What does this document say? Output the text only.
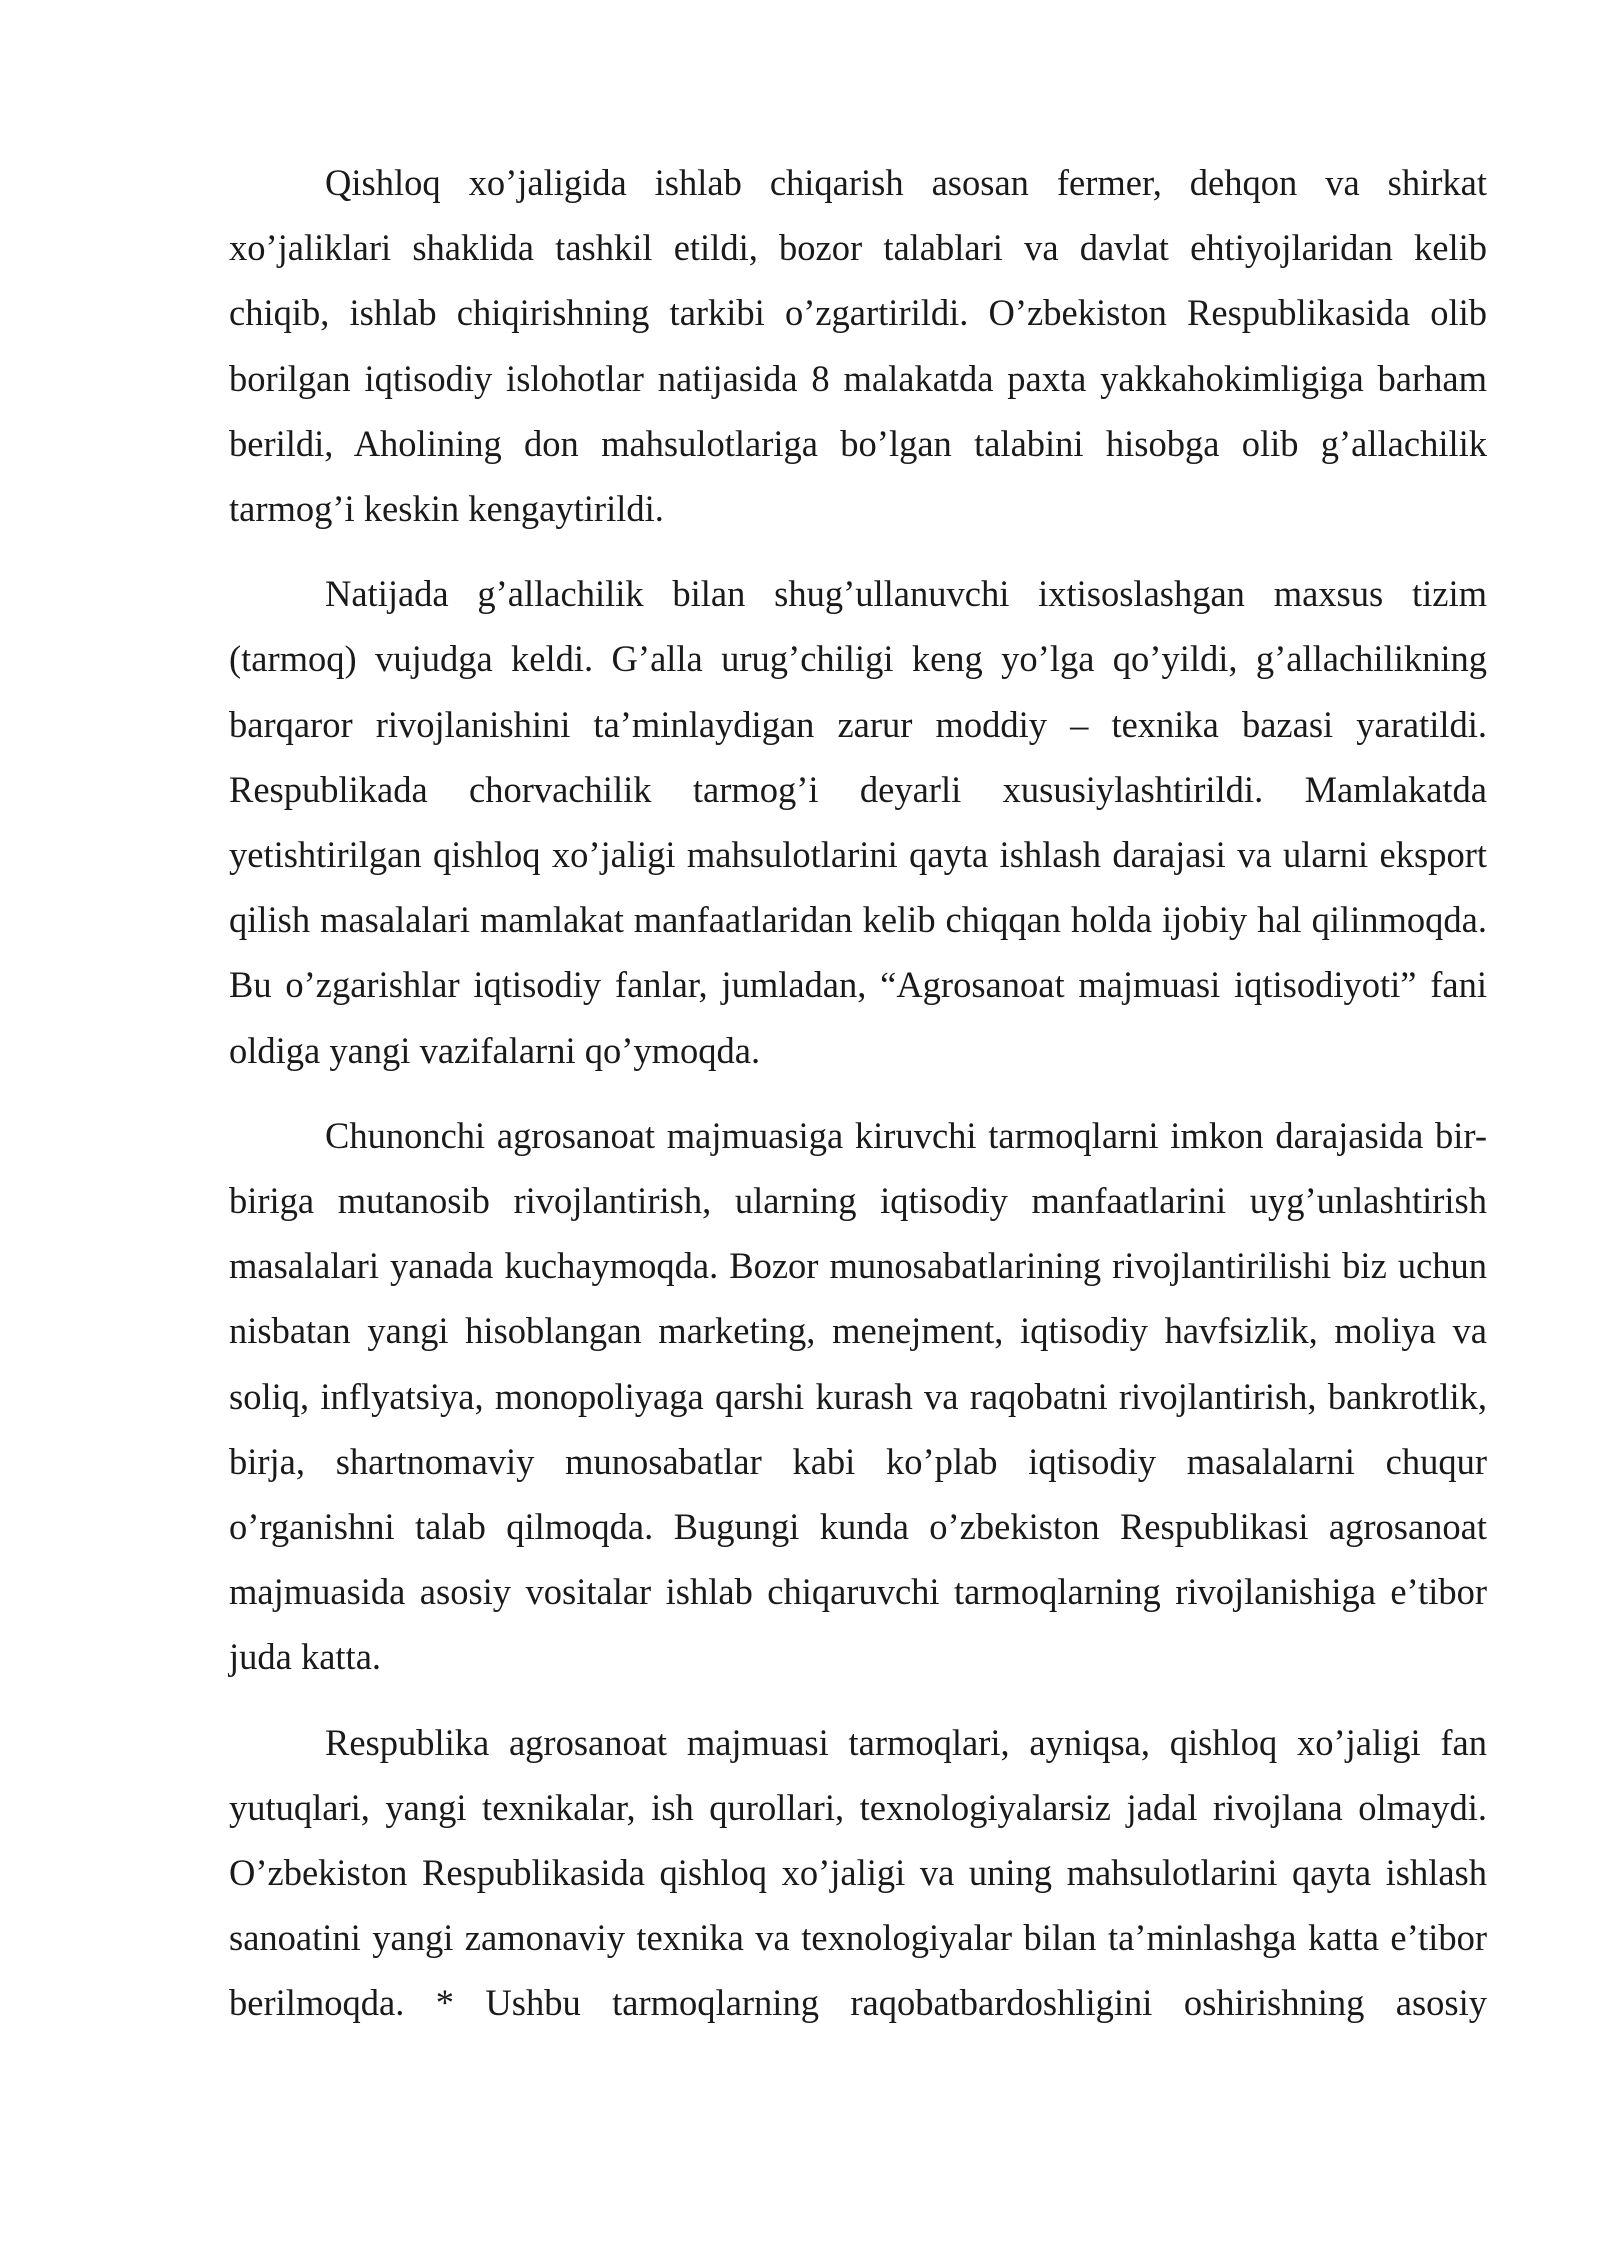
Qishloq xo’jaligida ishlab chiqarish asosan fermer, dehqon va shirkat xo’jaliklari shaklida tashkil etildi, bozor talablari va davlat ehtiyojlaridan kelib chiqib, ishlab chiqirishning tarkibi o’zgartirildi. O’zbekiston Respublikasida olib borilgan iqtisodiy islohotlar natijasida 8 malakatda paxta yakkahokimligiga barham berildi, Aholining don mahsulotlariga bo’lgan talabini hisobga olib g’allachilik tarmog’i keskin kengaytirildi.

Natijada g’allachilik bilan shug’ullanuvchi ixtisoslashgan maxsus tizim (tarmoq) vujudga keldi. G’alla urug’chiligi keng yo’lga qo’yildi, g’allachilikning barqaror rivojlanishini ta’minlaydigan zarur moddiy – texnika bazasi yaratildi. Respublikada chorvachilik tarmog’i deyarli xususiylashtirildi. Mamlakatda yetishtirilgan qishloq xo’jaligi mahsulotlarini qayta ishlash darajasi va ularni eksport qilish masalalari mamlakat manfaatlaridan kelib chiqqan holda ijobiy hal qilinmoqda. Bu o’zgarishlar iqtisodiy fanlar, jumladan, “Agrosanoat majmuasi iqtisodiyoti” fani oldiga yangi vazifalarni qo’ymoqda.

Chunonchi agrosanoat majmuasiga kiruvchi tarmoqlarni imkon darajasida bir-biriga mutanosib rivojlantirish, ularning iqtisodiy manfaatlarini uyg’unlashtirish masalalari yanada kuchaymoqda. Bozor munosabatlarining rivojlantirilishi biz uchun nisbatan yangi hisoblangan marketing, menejment, iqtisodiy havfsizlik, moliya va soliq, inflyatsiya, monopoliyaga qarshi kurash va raqobatni rivojlantirish, bankrotlik, birja, shartnomaviy munosabatlar kabi ko’plab iqtisodiy masalalarni chuqur o’rganishni talab qilmoqda. Bugungi kunda o’zbekiston Respublikasi agrosanoat majmuasida asosiy vositalar ishlab chiqaruvchi tarmoqlarning rivojlanishiga e’tibor juda katta.

Respublika agrosanoat majmuasi tarmoqlari, ayniqsa, qishloq xo’jaligi fan yutuqlari, yangi texnikalar, ish qurollari, texnologiyalarsiz jadal rivojlana olmaydi. O’zbekiston Respublikasida qishloq xo’jaligi va uning mahsulotlarini qayta ishlash sanoatini yangi zamonaviy texnika va texnologiyalar bilan ta’minlashga katta e’tibor berilmoqda. * Ushbu tarmoqlarning raqobatbardoshligini oshirishning asosiy
